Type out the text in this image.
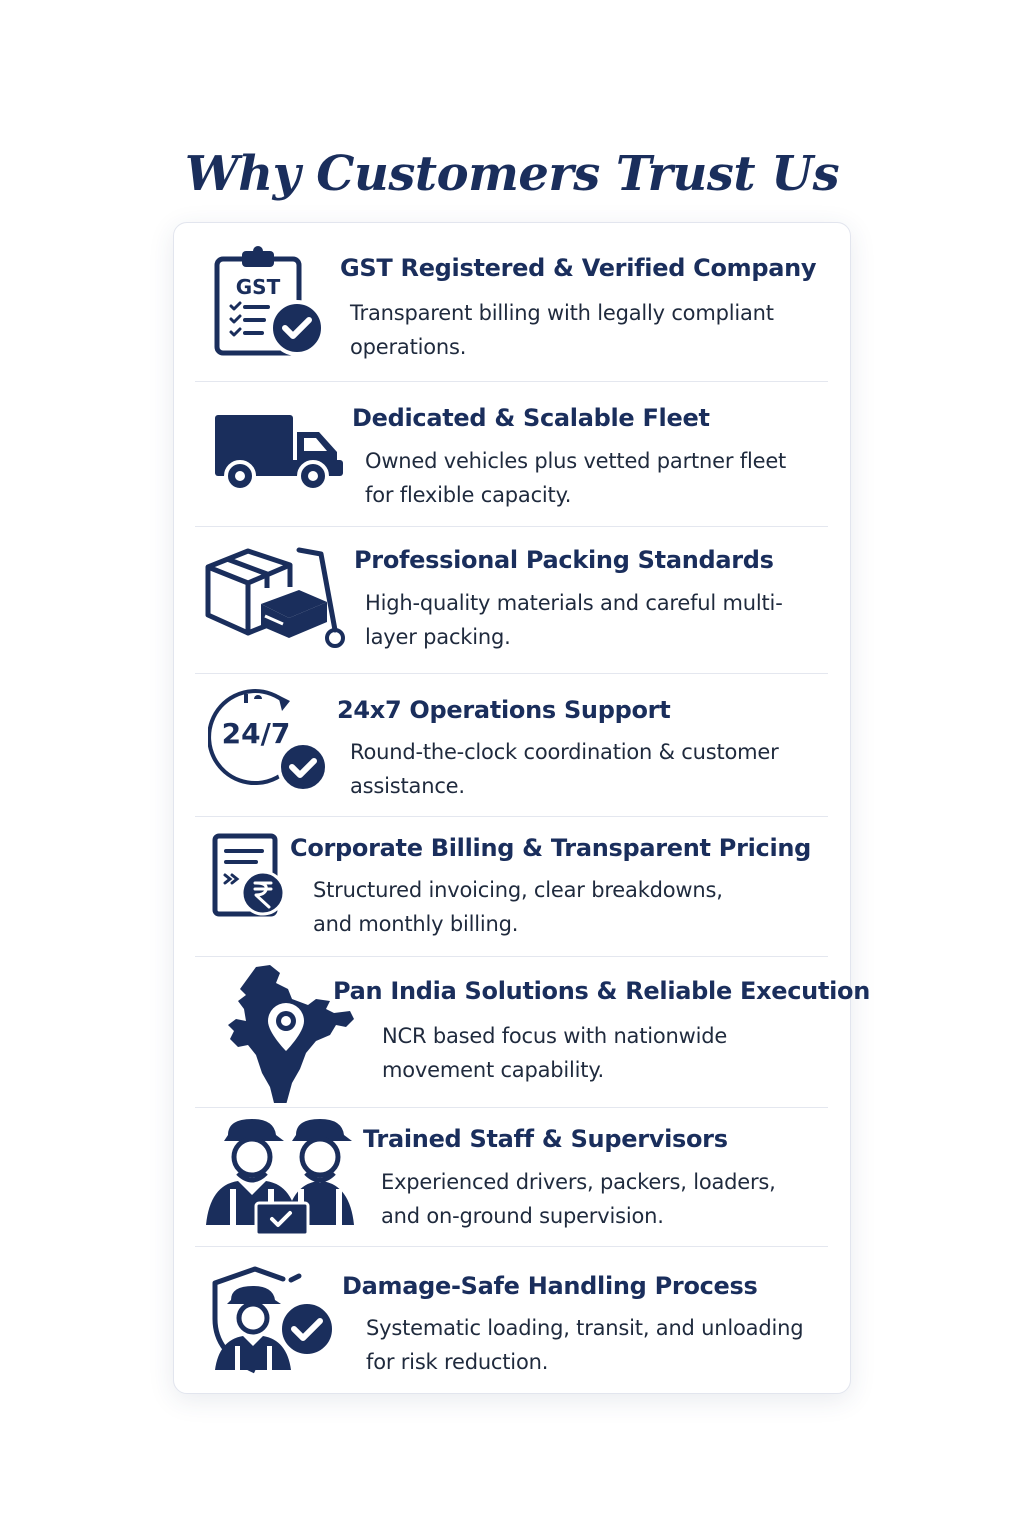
Why Customers Trust Us
GST
GST Registered & Verified Company
Transparent billing with legally compliant operations.
Dedicated & Scalable Fleet
Owned vehicles plus vetted partner fleet for flexible capacity.
Professional Packing Standards
High-quality materials and careful multi-layer packing.
24/7
24x7 Operations Support
Round-the-clock coordination & customer assistance.
Corporate Billing & Transparent Pricing
Structured invoicing, clear breakdowns, and monthly billing.
Pan India Solutions & Reliable Execution
NCR based focus with nationwide movement capability.
Trained Staff & Supervisors
Experienced drivers, packers, loaders, and on-ground supervision.
Damage-Safe Handling Process
Systematic loading, transit, and unloading for risk reduction.
